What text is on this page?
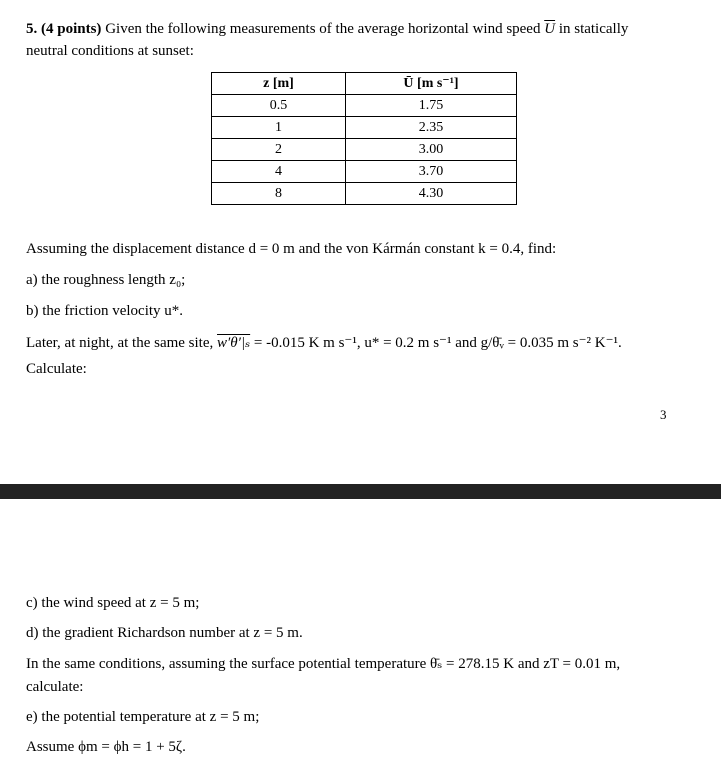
5. (4 points) Given the following measurements of the average horizontal wind speed $\overline{U}$ in statically
neutral conditions at sunset:
z [m]	Ū [m s⁻¹]
0.5	1.75
1	2.35
2	3.00
4	3.70
8	4.30
Assuming the displacement distance d = 0 m and the von Kármán constant k = 0.4, find:
a) the roughness length z₀;
b) the friction velocity u*.
Later, at night, at the same site, w′θ′|ₛ = -0.015 K m s⁻¹, u* = 0.2 m s⁻¹ and g/θ̄ᵥ = 0.035 m s⁻² K⁻¹.
Calculate:
3
c) the wind speed at z = 5 m;
d) the gradient Richardson number at z = 5 m.
In the same conditions, assuming the surface potential temperature θ̄ₛ = 278.15 K and zT = 0.01 m,
calculate:
e) the potential temperature at z = 5 m;
Assume ϕm = ϕh = 1 + 5ζ.
